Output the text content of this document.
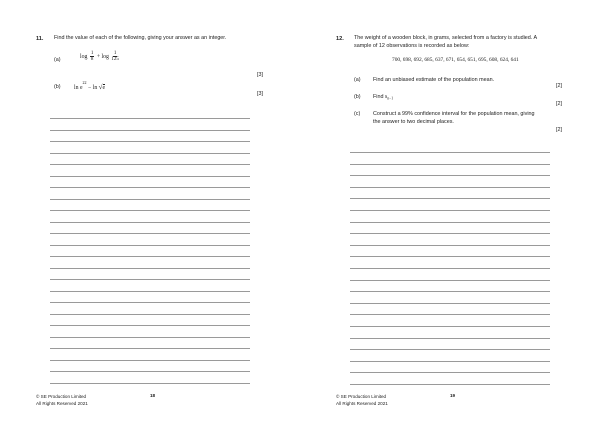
11. Find the value of each of the following, giving your answer as an integer.
(a)
$\log \frac{1}{8} + \log \frac{1}{125}$
[3]
(b) $\ln e^{22} - \ln √e$
[3]
© SE Production Limited
All Rights Reserved 2021
18
12. The weight of a wooden block, in grams, selected from a factory is studied. A
sample of 12 observations is recorded as below:
700, 698, 692, 685, 637, 671, 654, 651, 695, 608, 624, 641
(a) Find an unbiased estimate of the population mean.
[2]
(b) Find $s_{n-1}$
[2]
(c) Construct a 99% confidence interval for the population mean, giving
the answer to two decimal places.
[2]
© SE Production Limited
All Rights Reserved 2021
19
